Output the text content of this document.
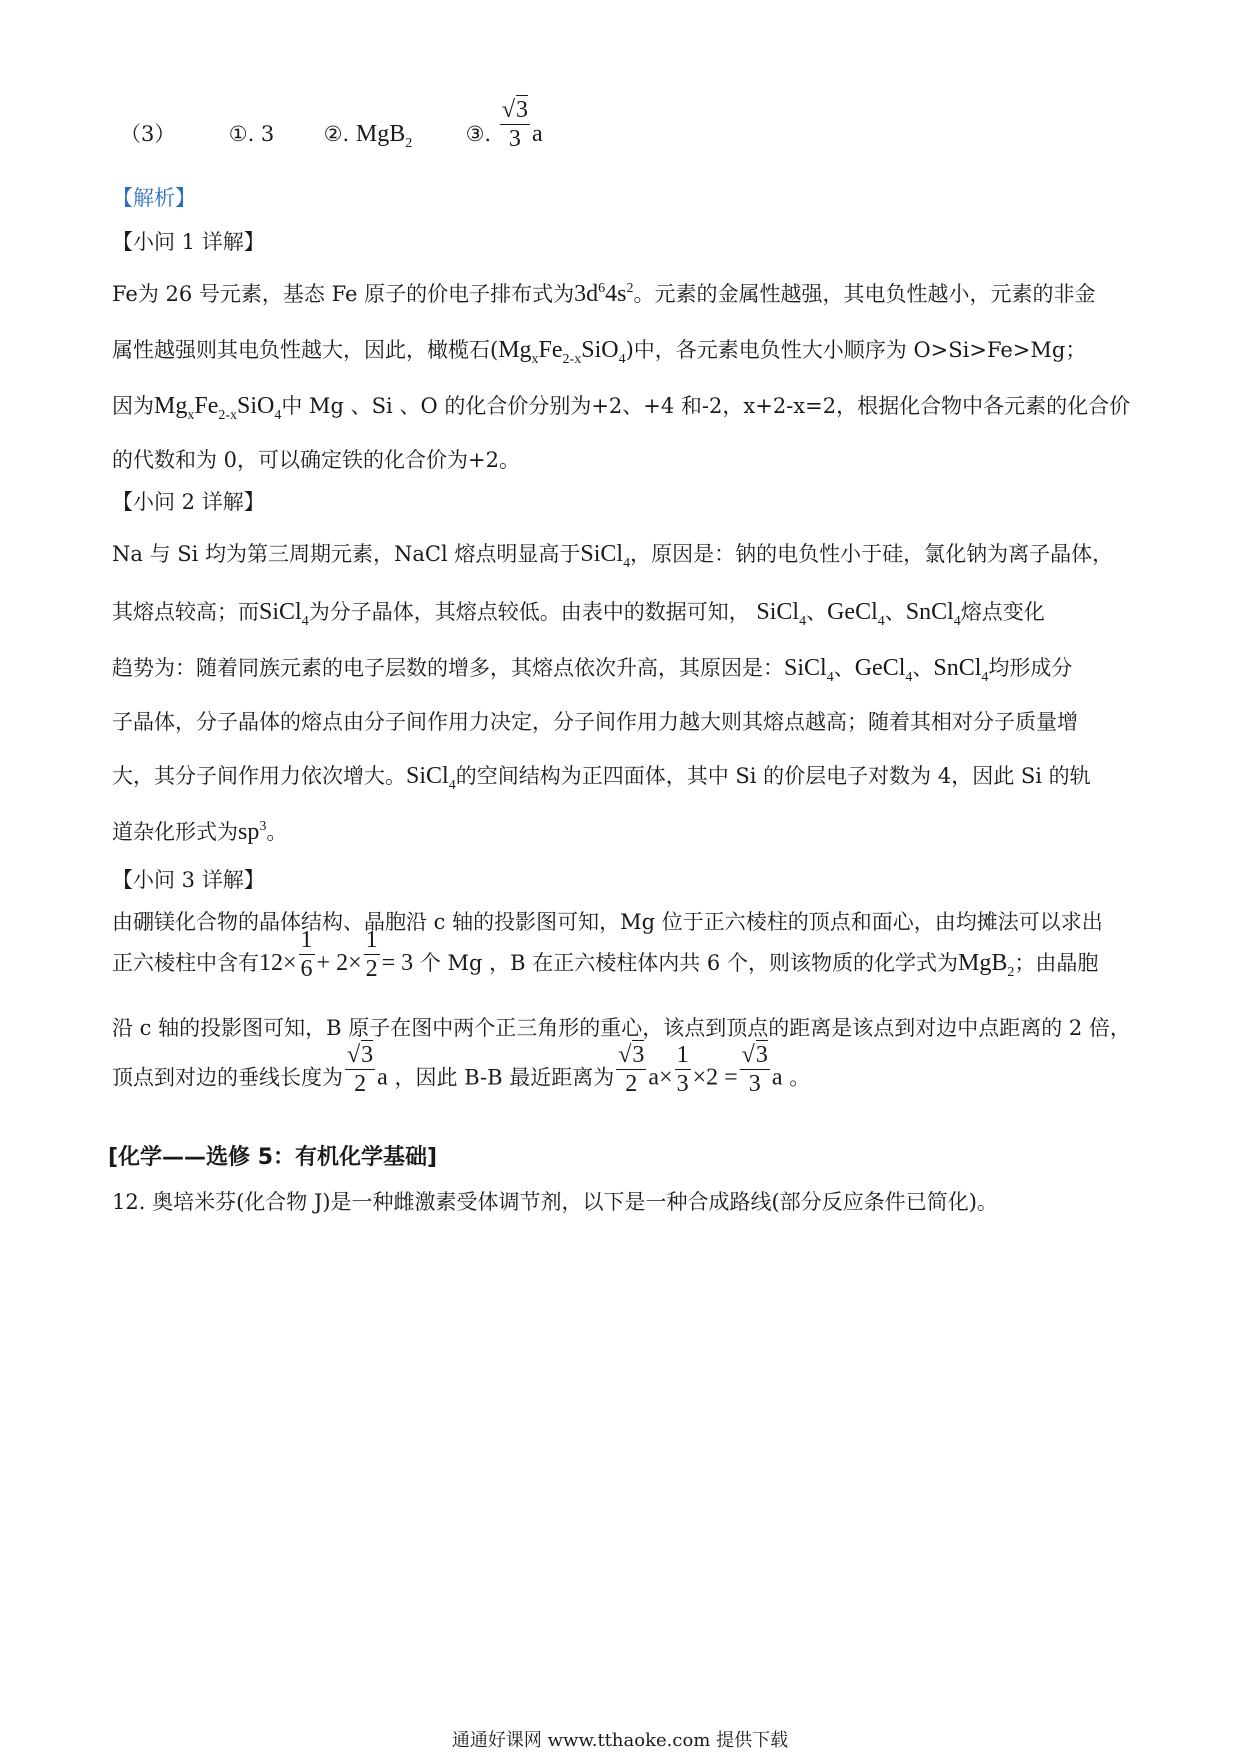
（3）	①. 3 ②. MgB$_2$	③. $\frac{√3}{3}$ a
【解析】
【小问 1 详解】
Fe为 26 号元素，基态 Fe 原子的价电子排布式为$3d^64s^2$。元素的金属性越强，其电负性越小，元素的非金
属性越强则其电负性越大，因此，橄榄石$(Mg_xFe_{2-x}SiO_4)$中，各元素电负性大小顺序为 O>Si>Fe>Mg；
因为$Mg_xFe_{2-x}SiO_4$中 Mg 、Si 、O 的化合价分别为+2、+4 和-2，x+2-x=2，根据化合物中各元素的化合价
的代数和为 0，可以确定铁的化合价为+2。
【小问 2 详解】
Na 与 Si 均为第三周期元素，NaCl 熔点明显高于SiCl$_4$，原因是：钠的电负性小于硅，氯化钠为离子晶体，
其熔点较高；而SiCl$_4$为分子晶体，其熔点较低。由表中的数据可知， SiCl$_4$、GeCl$_4$、SnCl$_4$熔点变化
趋势为：随着同族元素的电子层数的增多，其熔点依次升高，其原因是：SiCl$_4$、GeCl$_4$、SnCl$_4$均形成分
子晶体，分子晶体的熔点由分子间作用力决定，分子间作用力越大则其熔点越高；随着其相对分子质量增
大，其分子间作用力依次增大。SiCl$_4$的空间结构为正四面体，其中 Si 的价层电子对数为 4，因此 Si 的轨
道杂化形式为$sp^3$。
【小问 3 详解】
由硼镁化合物的晶体结构、晶胞沿 c 轴的投影图可知，Mg 位于正六棱柱的顶点和面心，由均摊法可以求出
正六棱柱中含有$12\times \frac{1}{6} + 2\times \frac{1}{2} = 3$ 个 Mg ，B 在正六棱柱体内共 6 个，则该物质的化学式为MgB$_2$；由晶胞
沿 c 轴的投影图可知，B 原子在图中两个正三角形的重心，该点到顶点的距离是该点到对边中点距离的 2 倍，
顶点到对边的垂线长度为 $\frac{√3}{2}$ a ，因此 B-B 最近距离为 $\frac{√3}{2} a\times \frac{1}{3} \times 2 = \frac{√3}{3}$ a 。
[化学——选修 5：有机化学基础]
12. 奥培米芬(化合物 J)是一种雌激素受体调节剂，以下是一种合成路线(部分反应条件已简化)。
通通好课网 www.tthaoke.com 提供下载
